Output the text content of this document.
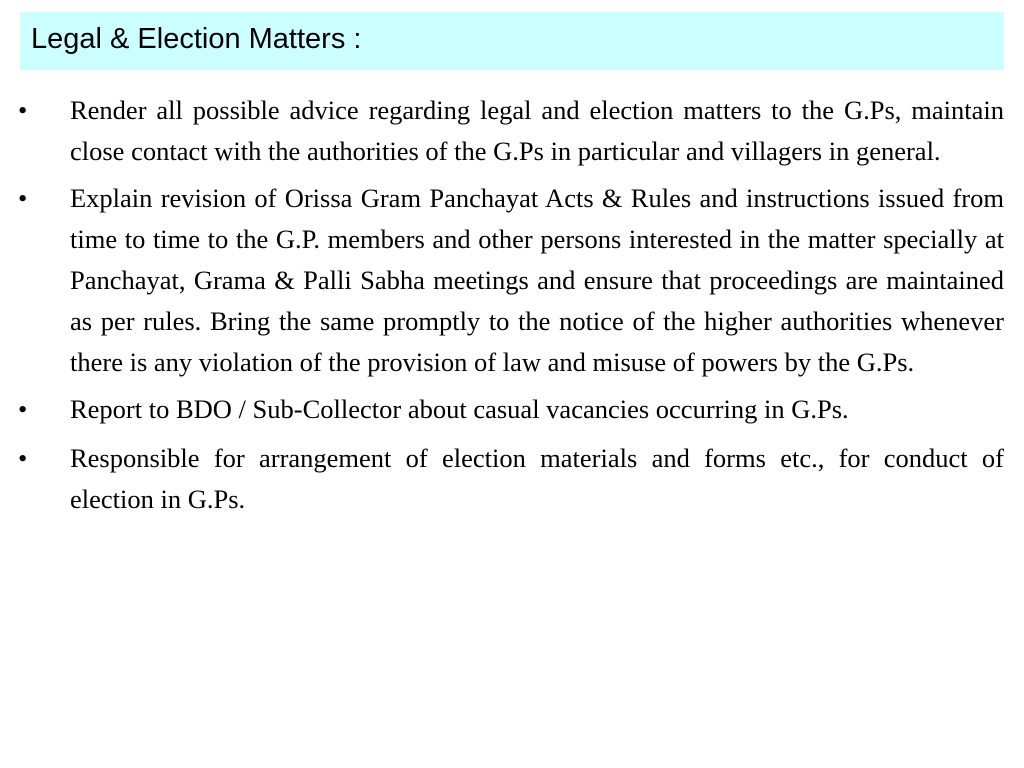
Legal & Election Matters :
• Render all possible advice regarding legal and election matters to the G.Ps, maintain close contact with the authorities of the G.Ps in particular and villagers in general.
• Explain revision of Orissa Gram Panchayat Acts & Rules and instructions issued from time to time to the G.P. members and other persons interested in the matter specially at Panchayat, Grama & Palli Sabha meetings and ensure that proceedings are maintained as per rules. Bring the same promptly to the notice of the higher authorities whenever there is any violation of the provision of law and misuse of powers by the G.Ps.
• Report to BDO / Sub-Collector about casual vacancies occurring in G.Ps.
• Responsible for arrangement of election materials and forms etc., for conduct of election in G.Ps.
